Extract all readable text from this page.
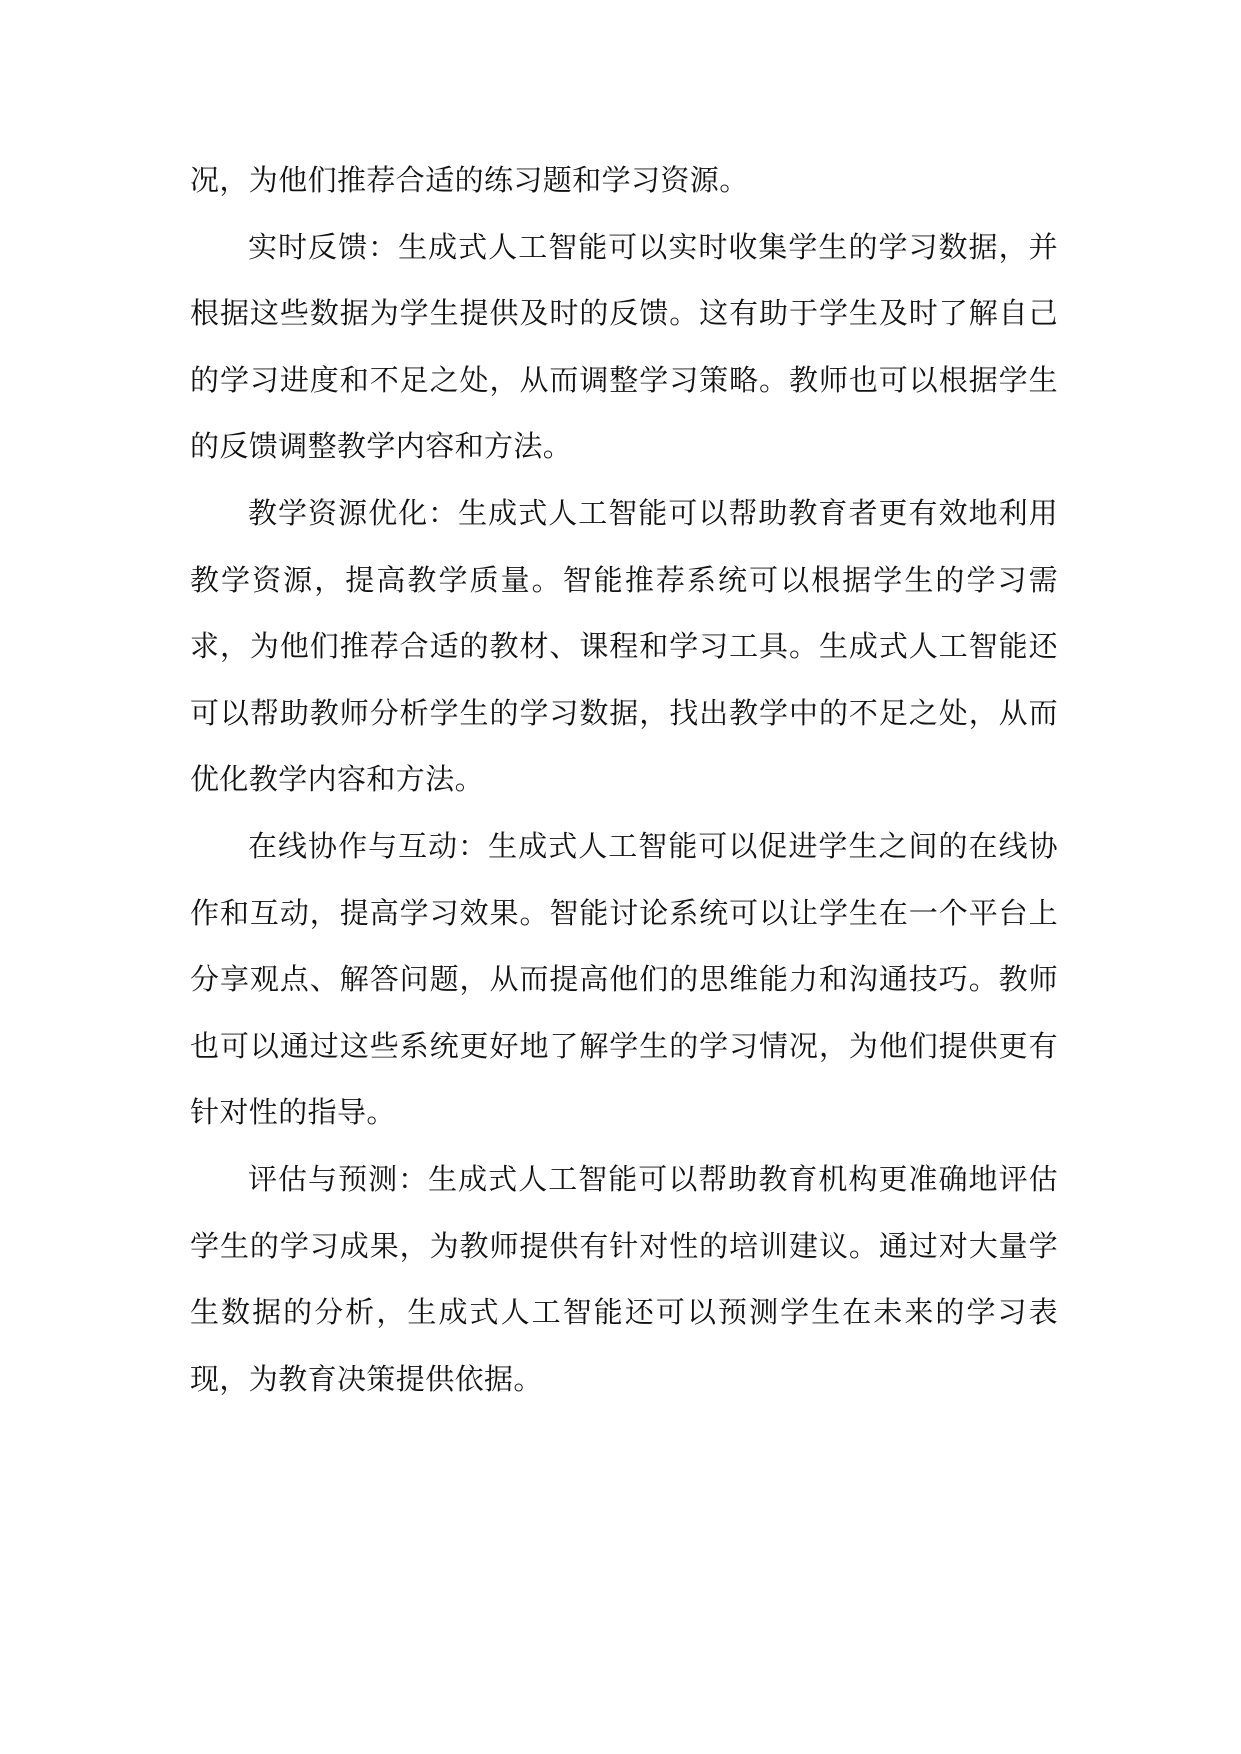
况，为他们推荐合适的练习题和学习资源。

实时反馈：生成式人工智能可以实时收集学生的学习数据，并根据这些数据为学生提供及时的反馈。这有助于学生及时了解自己的学习进度和不足之处，从而调整学习策略。教师也可以根据学生的反馈调整教学内容和方法。

教学资源优化：生成式人工智能可以帮助教育者更有效地利用教学资源，提高教学质量。智能推荐系统可以根据学生的学习需求，为他们推荐合适的教材、课程和学习工具。生成式人工智能还可以帮助教师分析学生的学习数据，找出教学中的不足之处，从而优化教学内容和方法。

在线协作与互动：生成式人工智能可以促进学生之间的在线协作和互动，提高学习效果。智能讨论系统可以让学生在一个平台上分享观点、解答问题，从而提高他们的思维能力和沟通技巧。教师也可以通过这些系统更好地了解学生的学习情况，为他们提供更有针对性的指导。

评估与预测：生成式人工智能可以帮助教育机构更准确地评估学生的学习成果，为教师提供有针对性的培训建议。通过对大量学生数据的分析，生成式人工智能还可以预测学生在未来的学习表现，为教育决策提供依据。
